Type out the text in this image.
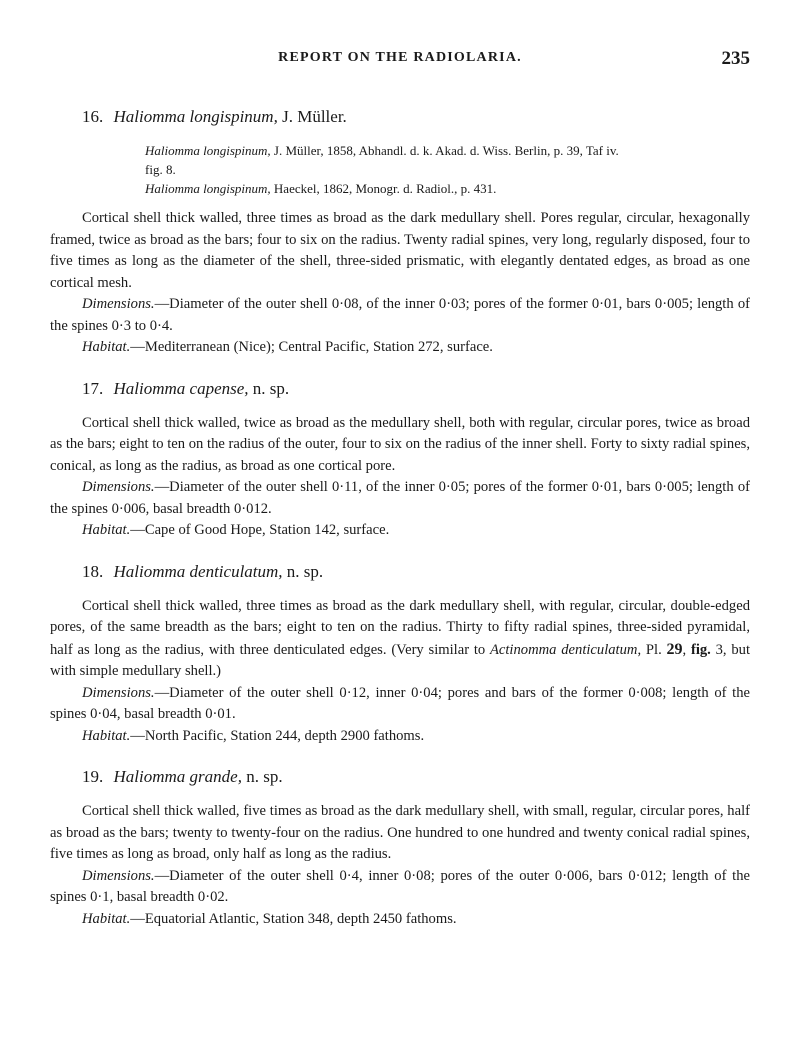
REPORT ON THE RADIOLARIA.	235
16. Haliomma longispinum, J. Müller.
Haliomma longispinum, J. Müller, 1858, Abhandl. d. k. Akad. d. Wiss. Berlin, p. 39, Taf iv.
fig. 8.
Haliomma longispinum, Haeckel, 1862, Monogr. d. Radiol., p. 431.

Cortical shell thick walled, three times as broad as the dark medullary shell. Pores regular, circular, hexagonally framed, twice as broad as the bars; four to six on the radius. Twenty radial spines, very long, regularly disposed, four to five times as long as the diameter of the shell, three-sided prismatic, with elegantly dentated edges, as broad as one cortical mesh.

Dimensions.—Diameter of the outer shell 0·08, of the inner 0·03; pores of the former 0·01, bars 0·005; length of the spines 0·3 to 0·4.

Habitat.—Mediterranean (Nice); Central Pacific, Station 272, surface.

17. Haliomma capense, n. sp.

Cortical shell thick walled, twice as broad as the medullary shell, both with regular, circular pores, twice as broad as the bars; eight to ten on the radius of the outer, four to six on the radius of the inner shell. Forty to sixty radial spines, conical, as long as the radius, as broad as one cortical pore.

Dimensions.—Diameter of the outer shell 0·11, of the inner 0·05; pores of the former 0·01, bars 0·005; length of the spines 0·006, basal breadth 0·012.

Habitat.—Cape of Good Hope, Station 142, surface.

18. Haliomma denticulatum, n. sp.

Cortical shell thick walled, three times as broad as the dark medullary shell, with regular, circular, double-edged pores, of the same breadth as the bars; eight to ten on the radius. Thirty to fifty radial spines, three-sided pyramidal, half as long as the radius, with three denticulated edges. (Very similar to Actinomma denticulatum, Pl. 29, fig. 3, but with simple medullary shell.)

Dimensions.—Diameter of the outer shell 0·12, inner 0·04; pores and bars of the former 0·008; length of the spines 0·04, basal breadth 0·01.

Habitat.—North Pacific, Station 244, depth 2900 fathoms.

19. Haliomma grande, n. sp.

Cortical shell thick walled, five times as broad as the dark medullary shell, with small, regular, circular pores, half as broad as the bars; twenty to twenty-four on the radius. One hundred to one hundred and twenty conical radial spines, five times as long as broad, only half as long as the radius.

Dimensions.—Diameter of the outer shell 0·4, inner 0·08; pores of the outer 0·006, bars 0·012; length of the spines 0·1, basal breadth 0·02.

Habitat.—Equatorial Atlantic, Station 348, depth 2450 fathoms.
